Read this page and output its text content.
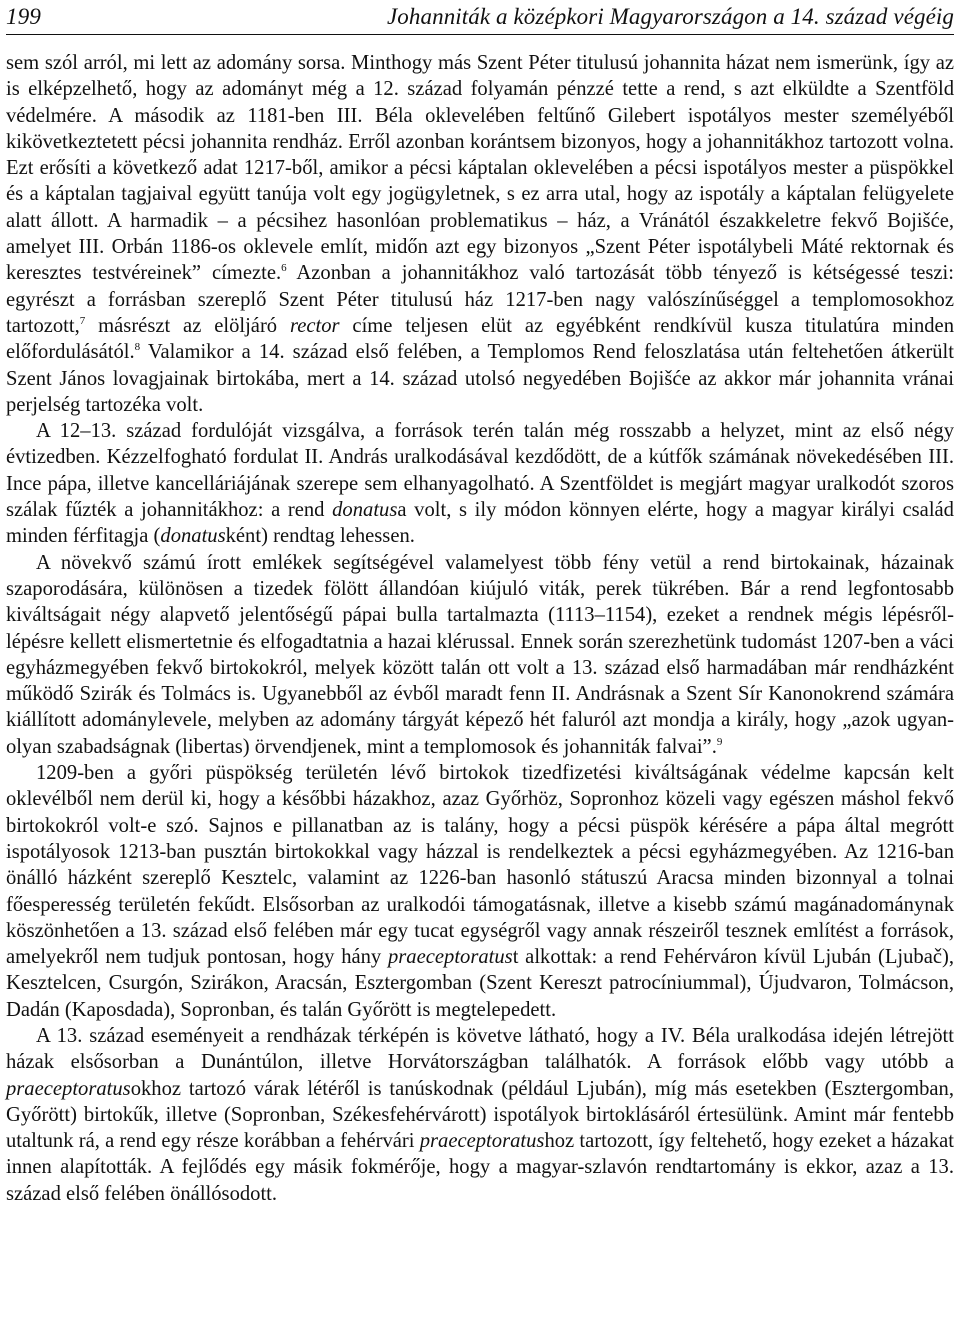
199	Johanniták a középkori Magyarországon a 14. század végéig

sem szól arról, mi lett az adomány sorsa. Minthogy más Szent Péter titulusú johannita házat nem ismerünk, így az is elképzelhető, hogy az adományt még a 12. század folyamán pénzzé tette a rend, s azt elküldte a Szentföld védelmére. A második az 1181-ben III. Béla oklevelében feltűnő Gilebert ispotályos mester személyéből kikövetkeztetett pécsi johannita rendház. Erről azonban korántsem bizonyos, hogy a johannitákhoz tartozott volna. Ezt erősíti a következő adat 1217-ből, amikor a pécsi káptalan oklevelében a pécsi ispotályos mester a püspökkel és a káptalan tagjaival együtt tanúja volt egy jogügyletnek, s ez arra utal, hogy az ispotály a káptalan felügyelete alatt állott. A harmadik – a pécsihez hasonlóan problematikus – ház, a Vránától északkeletre fekvő Bojišće, amelyet III. Orbán 1186-os oklevele említ, midőn azt egy bizonyos „Szent Péter ispotálybeli Máté rektornak és keresztes testvéreinek” címezte.$^6$ Azonban a johannitákhoz való tartozását több tényező is kétségessé teszi: egyrészt a forrásban szereplő Szent Péter titulusú ház 1217-ben nagy valószínűséggel a templomosokhoz tartozott,$^7$ másrészt az elöljáró rector címe teljesen elüt az egyébként rendkívül kusza titulatúra minden előfordulásától.$^8$ Valamikor a 14. század első felében, a Templomos Rend feloszlatása után feltehetően átkerült Szent János lovagjainak birtokába, mert a 14. század utolsó negyedében Bojišće az akkor már johannita vránai perjelség tartozéka volt.

A 12–13. század fordulóját vizsgálva, a források terén talán még rosszabb a helyzet, mint az első négy évtizedben. Kézzelfogható fordulat II. András uralkodásával kezdődött, de a kútfők számának növekedésében III. Ince pápa, illetve kancelláriájának szerepe sem elhanyagolható. A Szentföldet is megjárt magyar uralkodót szoros szálak fűzték a johannitákhoz: a rend donatusa volt, s ily módon könnyen elérte, hogy a magyar királyi család minden férfitagja (donatusként) rendtag lehessen.

A növekvő számú írott emlékek segítségével valamelyest több fény vetül a rend birtokainak, házainak szaporodására, különösen a tizedek fölött állandóan kiújuló viták, perek tükrében. Bár a rend legfontosabb kiváltságait négy alapvető jelentőségű pápai bulla tartalmazta (1113–1154), ezeket a rendnek mégis lépésről-lépésre kellett elismertetnie és elfogadtatnia a hazai klérussal. Ennek során szerezhetünk tudomást 1207-ben a váci egyházmegyében fekvő birtokokról, melyek között talán ott volt a 13. század első harmadában már rendházként működő Szirák és Tolmács is. Ugyanebből az évből maradt fenn II. Andrásnak a Szent Sír Kanonokrend számára kiállított adománylevele, melyben az adomány tárgyát képező hét faluról azt mondja a király, hogy „azok ugyanolyan szabadságnak (libertas) örvendjenek, mint a templomosok és johanniták falvai”.$^9$

1209-ben a győri püspökség területén lévő birtokok tizedfizetési kiváltságának védelme kapcsán kelt oklevélből nem derül ki, hogy a későbbi házakhoz, azaz Győrhöz, Sopronhoz közeli vagy egészen máshol fekvő birtokokról volt-e szó. Sajnos e pillanatban az is talány, hogy a pécsi püspök kérésére a pápa által megrótt ispotályosok 1213-ban pusztán birtokokkal vagy házzal is rendelkeztek a pécsi egyházmegyében. Az 1216-ban önálló házként szereplő Kesztelc, valamint az 1226-ban hasonló státuszú Aracsa minden bizonnyal a tolnai főesperesség területén fekűdt. Elsősorban az uralkodói támogatásnak, illetve a kisebb számú magánadománynak köszönhetően a 13. század első felében már egy tucat egységről vagy annak részeiről tesznek említést a források, amelyekről nem tudjuk pontosan, hogy hány praeceptoratust alkottak: a rend Fehérváron kívül Ljubán (Ljubač), Kesztelcen, Csurgón, Szirákon, Aracsán, Esztergomban (Szent Kereszt patrocíniummal), Újudvaron, Tolmácson, Dadán (Kaposdada), Sopronban, és talán Győrött is megtelepedett.

A 13. század eseményeit a rendházak térképén is követve látható, hogy a IV. Béla uralkodása idején létrejött házak elsősorban a Dunántúlon, illetve Horvátországban találhatók. A források előbb vagy utóbb a praeceptoratusokhoz tartozó várak létéről is tanúskodnak (például Ljubán), míg más esetekben (Esztergomban, Győrött) birtokűk, illetve (Sopronban, Székesfehérvárott) ispotályok birtoklásáról értesülünk. Amint már fentebb utaltunk rá, a rend egy része korábban a fehérvári praeceptoratushoz tartozott, így feltehető, hogy ezeket a házakat innen alapították. A fejlődés egy másik fokmérője, hogy a magyar-szlavón rendtartomány is ekkor, azaz a 13. század első felében önállósodott.
